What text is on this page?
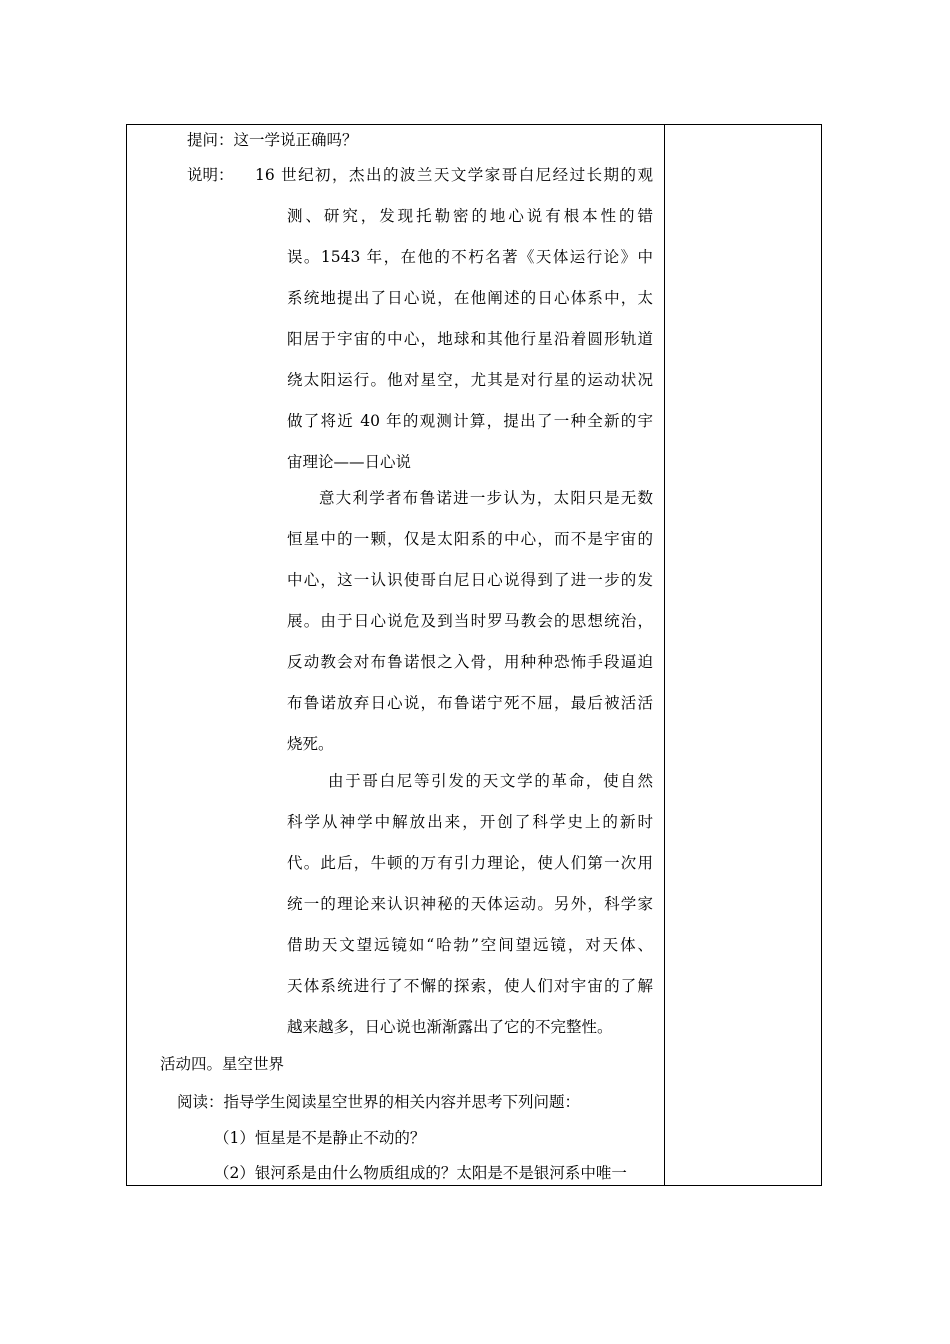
提问：这一学说正确吗？
说明： 16 世纪初，杰出的波兰天文学家哥白尼经过长期的观
测、研究，发现托勒密的地心说有根本性的错
误。1543 年，在他的不朽名著《天体运行论》中
系统地提出了日心说，在他阐述的日心体系中，太
阳居于宇宙的中心，地球和其他行星沿着圆形轨道
绕太阳运行。他对星空，尤其是对行星的运动状况
做了将近 40 年的观测计算，提出了一种全新的宇
宙理论——日心说
意大利学者布鲁诺进一步认为，太阳只是无数
恒星中的一颗，仅是太阳系的中心，而不是宇宙的
中心，这一认识使哥白尼日心说得到了进一步的发
展。由于日心说危及到当时罗马教会的思想统治，
反动教会对布鲁诺恨之入骨，用种种恐怖手段逼迫
布鲁诺放弃日心说，布鲁诺宁死不屈，最后被活活
烧死。
由于哥白尼等引发的天文学的革命，使自然
科学从神学中解放出来，开创了科学史上的新时
代。此后，牛顿的万有引力理论，使人们第一次用
统一的理论来认识神秘的天体运动。另外，科学家
借助天文望远镜如“哈勃”空间望远镜，对天体、
天体系统进行了不懈的探索，使人们对宇宙的了解
越来越多，日心说也渐渐露出了它的不完整性。
活动四。星空世界
阅读：指导学生阅读星空世界的相关内容并思考下列问题：
（1）恒星是不是静止不动的？
（2）银河系是由什么物质组成的？太阳是不是银河系中唯一
